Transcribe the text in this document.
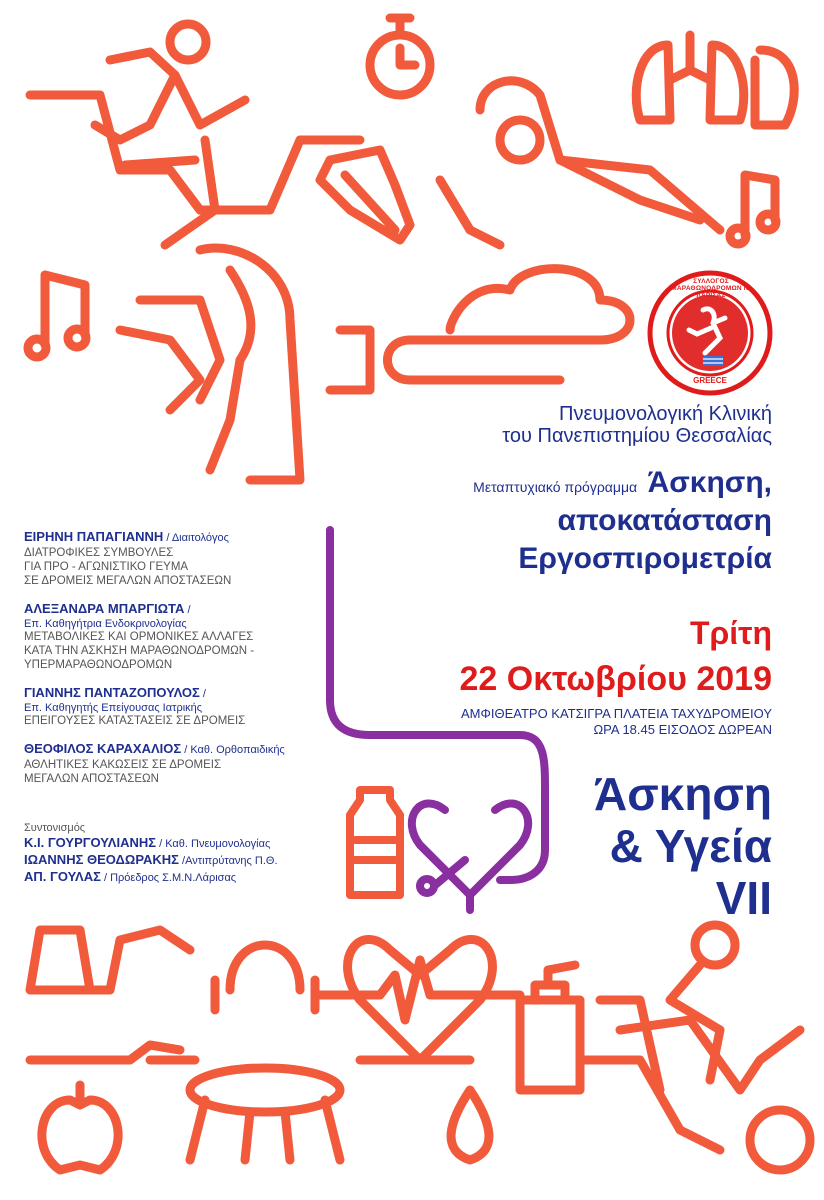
ΣΥΛΛΟΓΟΣ ΜΑΡΑΘΩΝΟΔΡΟΜΩΝ Ν. ΛΑΡΙΣΑΣ
GREECE
Πνευμονολογική Κλινική
του Πανεπιστημίου Θεσσαλίας
Μεταπτυχιακό πρόγραμμα Άσκηση,
αποκατάσταση
Εργοσπιρομετρία
Τρίτη
22 Οκτωβρίου 2019
ΑΜΦΙΘΕΑΤΡΟ ΚΑΤΣΙΓΡΑ ΠΛΑΤΕΙΑ ΤΑΧΥΔΡΟΜΕΙΟΥ
ΩΡΑ 18.45 ΕΙΣΟΔΟΣ ΔΩΡΕΑΝ
Άσκηση
& Υγεία
VII
ΕΙΡΗΝΗ ΠΑΠΑΓΙΑΝΝΗ / Διαιτολόγος
ΔΙΑΤΡΟΦΙΚΕΣ ΣΥΜΒΟΥΛΕΣ
ΓΙΑ ΠΡΟ - ΑΓΩΝΙΣΤΙΚΟ ΓΕΥΜΑ
ΣΕ ΔΡΟΜΕΙΣ ΜΕΓΑΛΩΝ ΑΠΟΣΤΑΣΕΩΝ
ΑΛΕΞΑΝΔΡΑ ΜΠΑΡΓΙΩΤΑ /
Επ. Καθηγήτρια Ενδοκρινολογίας
ΜΕΤΑΒΟΛΙΚΕΣ ΚΑΙ ΟΡΜΟΝΙΚΕΣ ΑΛΛΑΓΕΣ
ΚΑΤΑ ΤΗΝ ΑΣΚΗΣΗ ΜΑΡΑΘΩΝΟΔΡΟΜΩΝ -
ΥΠΕΡΜΑΡΑΘΩΝΟΔΡΟΜΩΝ
ΓΙΑΝΝΗΣ ΠΑΝΤΑΖΟΠΟΥΛΟΣ /
Επ. Καθηγητής Επείγουσας Ιατρικής
ΕΠΕΙΓΟΥΣΕΣ ΚΑΤΑΣΤΑΣΕΙΣ ΣΕ ΔΡΟΜΕΙΣ
ΘΕΟΦΙΛΟΣ ΚΑΡΑΧΑΛΙΟΣ / Καθ. Ορθοπαιδικής
ΑΘΛΗΤΙΚΕΣ ΚΑΚΩΣΕΙΣ ΣΕ ΔΡΟΜΕΙΣ
ΜΕΓΑΛΩΝ ΑΠΟΣΤΑΣΕΩΝ
Συντονισμός
Κ.Ι. ΓΟΥΡΓΟΥΛΙΑΝΗΣ / Καθ. Πνευμονολογίας
ΙΩΑΝΝΗΣ ΘΕΟΔΩΡΑΚΗΣ /Αντιπρύτανης Π.Θ.
ΑΠ. ΓΟΥΛΑΣ / Πρόεδρος Σ.Μ.Ν.Λάρισας
